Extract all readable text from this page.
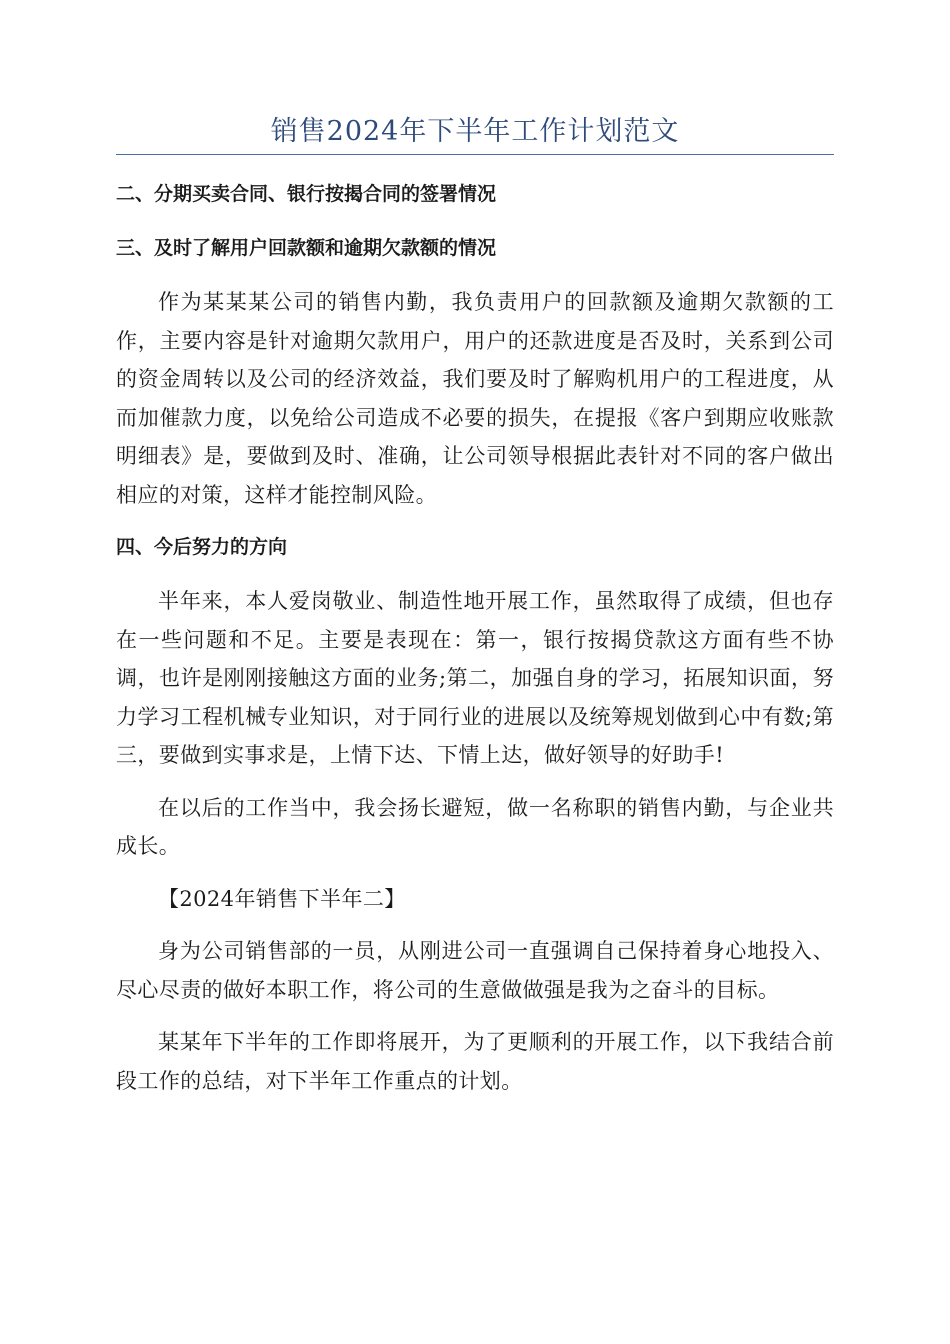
销售2024年下半年工作计划范文
二、分期买卖合同、银行按揭合同的签署情况
三、及时了解用户回款额和逾期欠款额的情况

作为某某某公司的销售内勤，我负责用户的回款额及逾期欠款额的工作，主要内容是针对逾期欠款用户，用户的还款进度是否及时，关系到公司的资金周转以及公司的经济效益，我们要及时了解购机用户的工程进度，从而加催款力度，以免给公司造成不必要的损失，在提报《客户到期应收账款明细表》是，要做到及时、准确，让公司领导根据此表针对不同的客户做出相应的对策，这样才能控制风险。

四、今后努力的方向

半年来，本人爱岗敬业、制造性地开展工作，虽然取得了成绩，但也存在一些问题和不足。主要是表现在：第一，银行按揭贷款这方面有些不协调，也许是刚刚接触这方面的业务;第二，加强自身的学习，拓展知识面，努力学习工程机械专业知识，对于同行业的进展以及统筹规划做到心中有数;第三，要做到实事求是，上情下达、下情上达，做好领导的好助手!

在以后的工作当中，我会扬长避短，做一名称职的销售内勤，与企业共成长。

【2024年销售下半年二】

身为公司销售部的一员，从刚进公司一直强调自己保持着身心地投入、尽心尽责的做好本职工作，将公司的生意做做强是我为之奋斗的目标。

某某年下半年的工作即将展开，为了更顺利的开展工作，以下我结合前段工作的总结，对下半年工作重点的计划。
